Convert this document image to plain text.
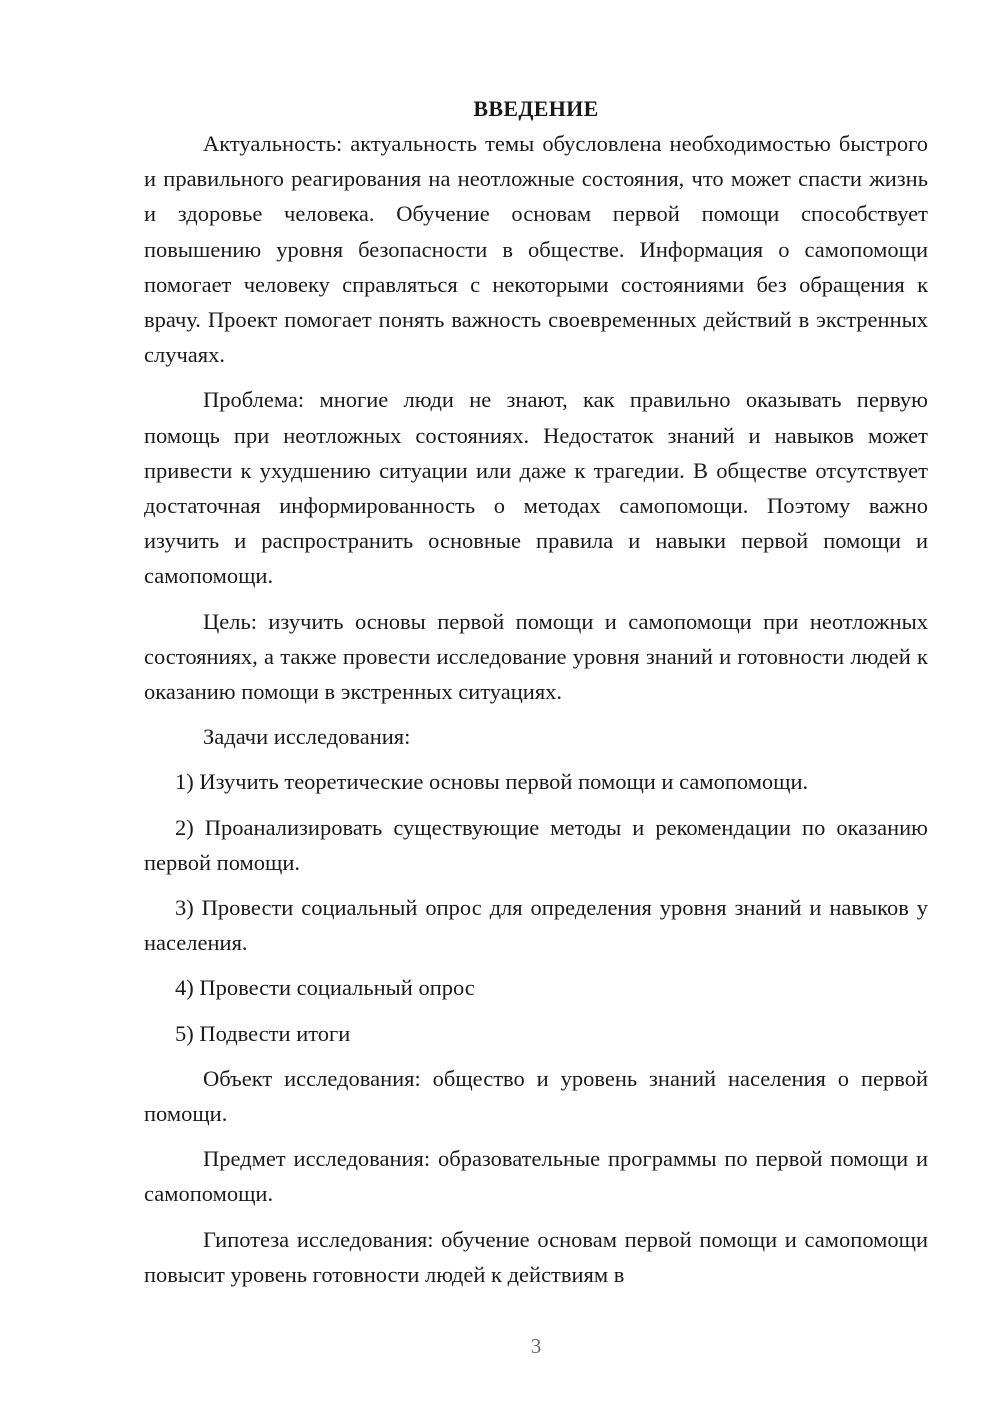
ВВЕДЕНИЕ

Актуальность: актуальность темы обусловлена необходимостью быстрого и правильного реагирования на неотложные состояния, что может спасти жизнь и здоровье человека. Обучение основам первой помощи способствует повышению уровня безопасности в обществе. Информация о самопомощи помогает человеку справляться с некоторыми состояниями без обращения к врачу. Проект помогает понять важность своевременных действий в экстренных случаях.

Проблема: многие люди не знают, как правильно оказывать первую помощь при неотложных состояниях. Недостаток знаний и навыков может привести к ухудшению ситуации или даже к трагедии. В обществе отсутствует достаточная информированность о методах самопомощи. Поэтому важно изучить и распространить основные правила и навыки первой помощи и самопомощи.

Цель: изучить основы первой помощи и самопомощи при неотложных состояниях, а также провести исследование уровня знаний и готовности людей к оказанию помощи в экстренных ситуациях.

Задачи исследования:

1) Изучить теоретические основы первой помощи и самопомощи.

2) Проанализировать существующие методы и рекомендации по оказанию первой помощи.

3) Провести социальный опрос для определения уровня знаний и навыков у населения.

4) Провести социальный опрос

5) Подвести итоги

Объект исследования: общество и уровень знаний населения о первой помощи.

Предмет исследования: образовательные программы по первой помощи и самопомощи.

Гипотеза исследования: обучение основам первой помощи и самопомощи повысит уровень готовности людей к действиям в

3
